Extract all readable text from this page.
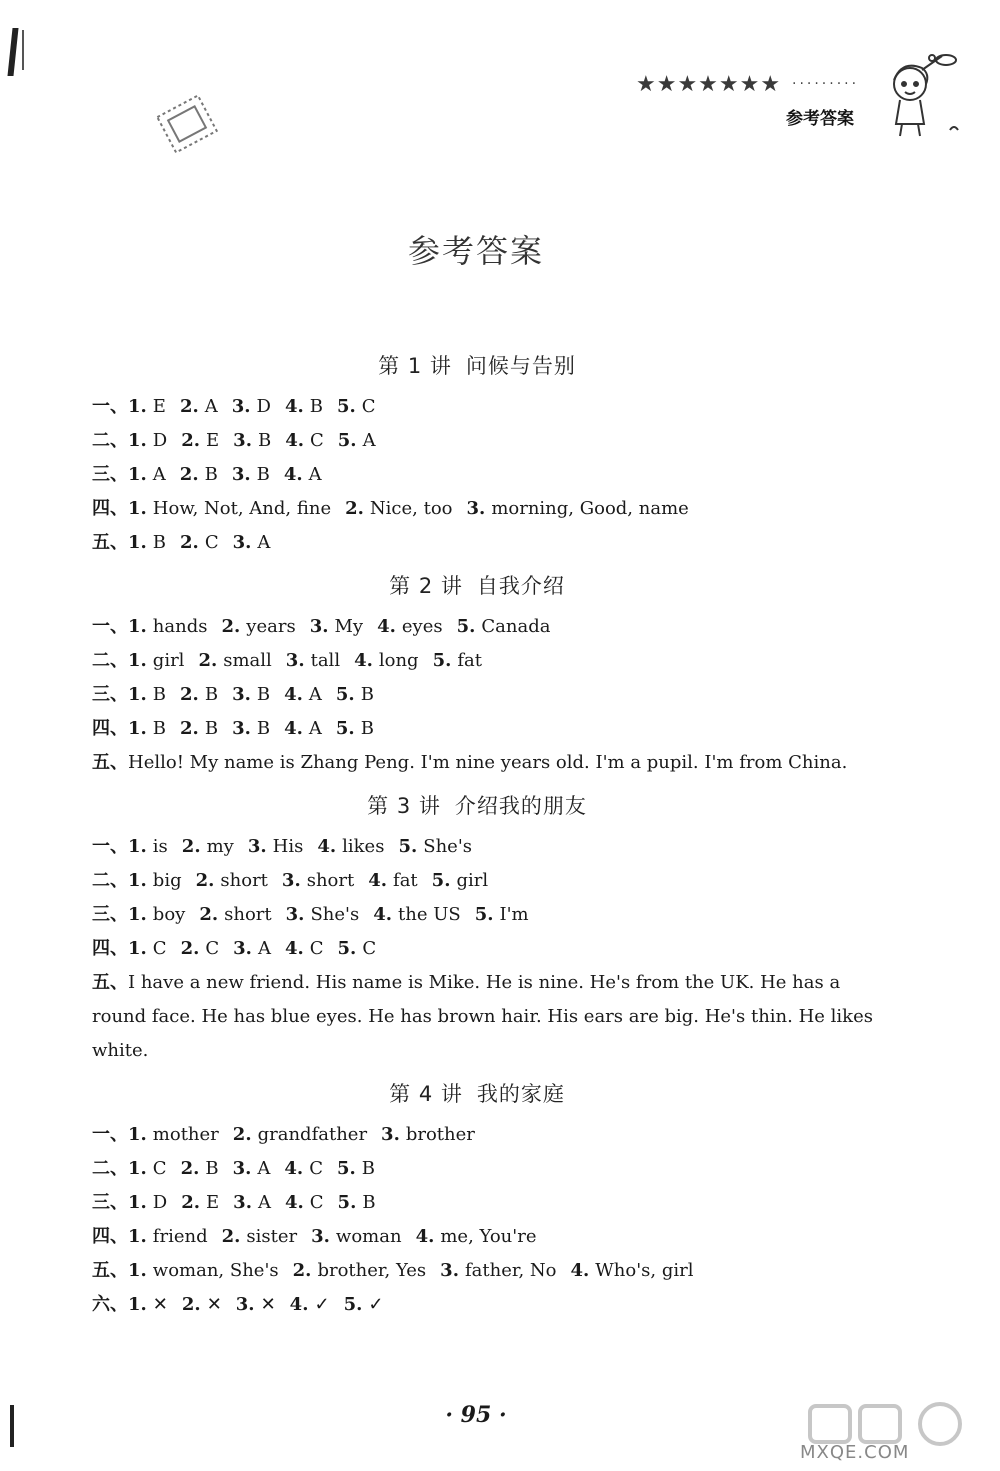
★★★★★★★ ·········
参考答案
参考答案
第 1 讲 问候与告别
一、1. E 2. A 3. D 4. B 5. C
二、1. D 2. E 3. B 4. C 5. A
三、1. A 2. B 3. B 4. A
四、1. How, Not, And, fine 2. Nice, too 3. morning, Good, name
五、1. B 2. C 3. A
第 2 讲 自我介绍
一、1. hands 2. years 3. My 4. eyes 5. Canada
二、1. girl 2. small 3. tall 4. long 5. fat
三、1. B 2. B 3. B 4. A 5. B
四、1. B 2. B 3. B 4. A 5. B
五、Hello! My name is Zhang Peng. I'm nine years old. I'm a pupil. I'm from China.
第 3 讲 介绍我的朋友
一、1. is 2. my 3. His 4. likes 5. She's
二、1. big 2. short 3. short 4. fat 5. girl
三、1. boy 2. short 3. She's 4. the US 5. I'm
四、1. C 2. C 3. A 4. C 5. C
五、I have a new friend. His name is Mike. He is nine. He's from the UK. He has a round face. He has blue eyes. He has brown hair. His ears are big. He's thin. He likes white.
第 4 讲 我的家庭
一、1. mother 2. grandfather 3. brother
二、1. C 2. B 3. A 4. C 5. B
三、1. D 2. E 3. A 4. C 5. B
四、1. friend 2. sister 3. woman 4. me, You're
五、1. woman, She's 2. brother, Yes 3. father, No 4. Who's, girl
六、1. ✕ 2. ✕ 3. ✕ 4. ✓ 5. ✓
· 95 ·
MXQE.COM
